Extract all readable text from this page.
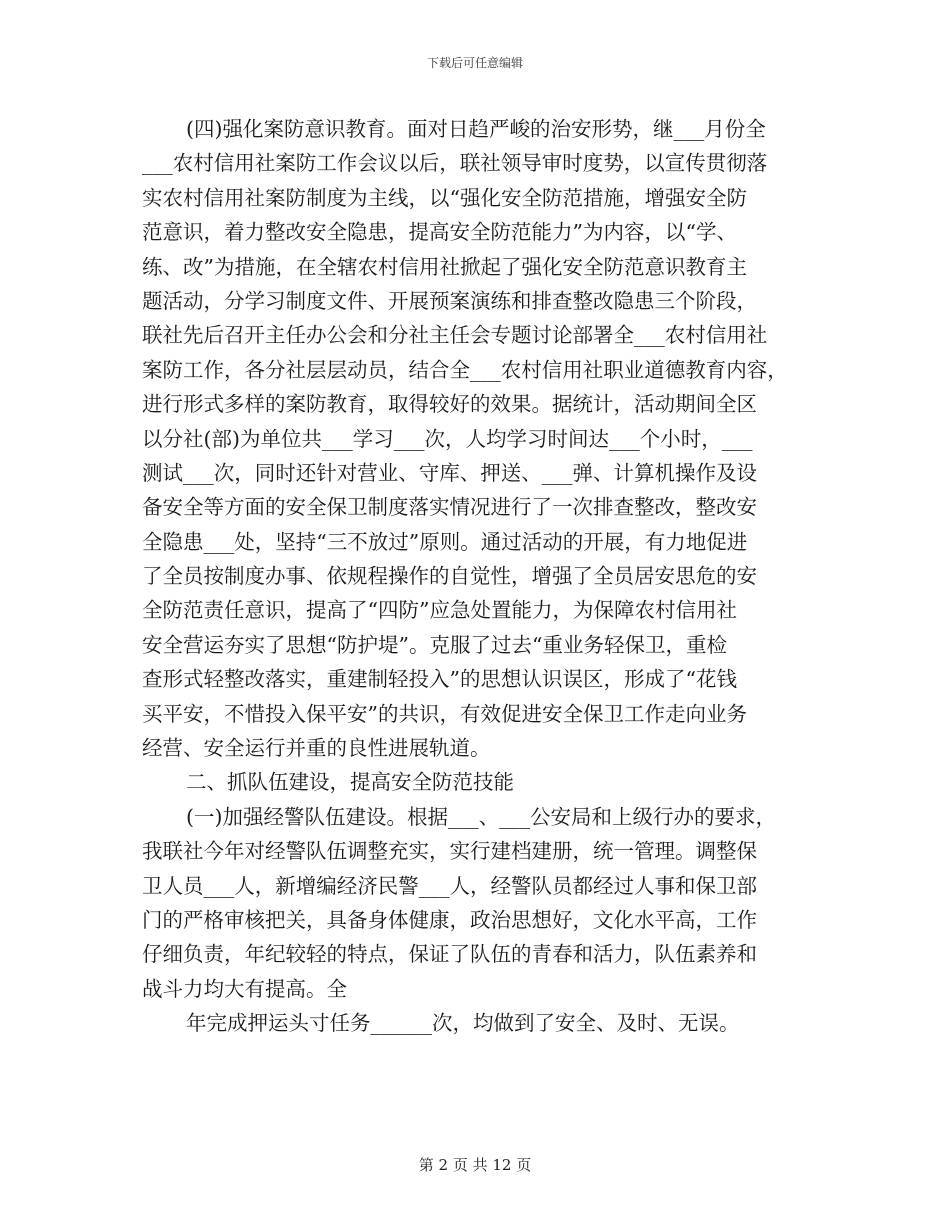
下载后可任意编辑
(四)强化案防意识教育。面对日趋严峻的治安形势，继___月份全
___农村信用社案防工作会议以后，联社领导审时度势，以宣传贯彻落
实农村信用社案防制度为主线，以“强化安全防范措施，增强安全防
范意识，着力整改安全隐患，提高安全防范能力”为内容，以“学、
练、改”为措施，在全辖农村信用社掀起了强化安全防范意识教育主
题活动，分学习制度文件、开展预案演练和排查整改隐患三个阶段，
联社先后召开主任办公会和分社主任会专题讨论部署全___农村信用社
案防工作，各分社层层动员，结合全___农村信用社职业道德教育内容，
进行形式多样的案防教育，取得较好的效果。据统计，活动期间全区
以分社(部)为单位共___学习___次，人均学习时间达___个小时，___
测试___次，同时还针对营业、守库、押送、___弹、计算机操作及设
备安全等方面的安全保卫制度落实情况进行了一次排查整改，整改安
全隐患___处，坚持“三不放过”原则。通过活动的开展，有力地促进
了全员按制度办事、依规程操作的自觉性，增强了全员居安思危的安
全防范责任意识，提高了“四防”应急处置能力，为保障农村信用社
安全营运夯实了思想“防护堤”。克服了过去“重业务轻保卫，重检
查形式轻整改落实，重建制轻投入”的思想认识误区，形成了“花钱
买平安，不惜投入保平安”的共识，有效促进安全保卫工作走向业务
经营、安全运行并重的良性进展轨道。
二、抓队伍建设，提高安全防范技能
(一)加强经警队伍建设。根据___、___公安局和上级行办的要求，
我联社今年对经警队伍调整充实，实行建档建册，统一管理。调整保
卫人员___人，新增编经济民警___人，经警队员都经过人事和保卫部
门的严格审核把关，具备身体健康，政治思想好，文化水平高，工作
仔细负责，年纪较轻的特点，保证了队伍的青春和活力，队伍素养和
战斗力均大有提高。全
年完成押运头寸任务______次，均做到了安全、及时、无误。
第 2 页 共 12 页
